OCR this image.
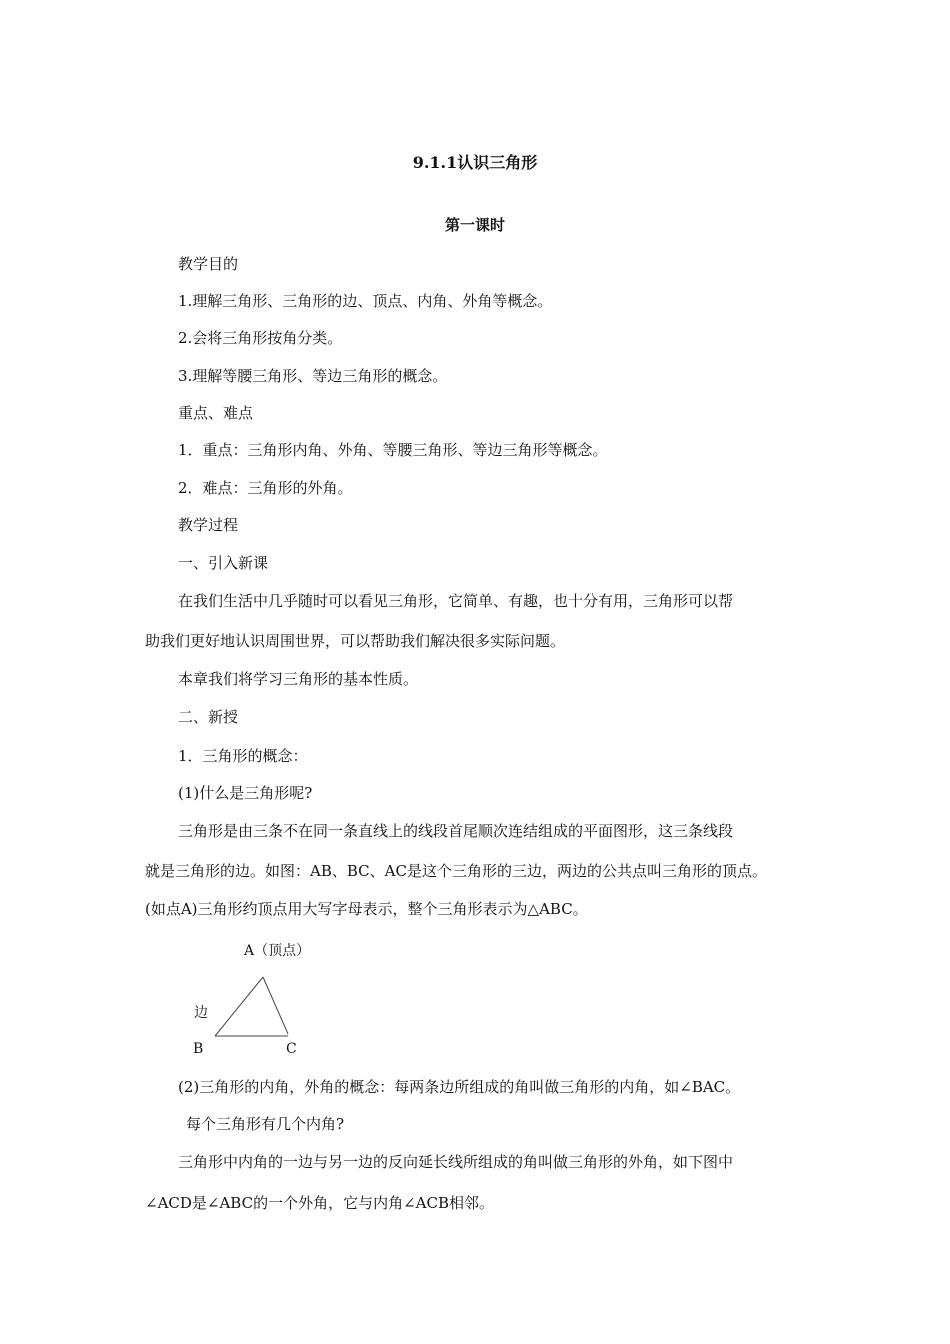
9.1.1认识三角形
第一课时
教学目的
1.理解三角形、三角形的边、顶点、内角、外角等概念。
2.会将三角形按角分类。
3.理解等腰三角形、等边三角形的概念。
重点、难点
1．重点：三角形内角、外角、等腰三角形、等边三角形等概念。
2．难点：三角形的外角。
教学过程
一、引入新课
在我们生活中几乎随时可以看见三角形，它简单、有趣，也十分有用，三角形可以帮
助我们更好地认识周围世界，可以帮助我们解决很多实际问题。
本章我们将学习三角形的基本性质。
二、新授
1．三角形的概念：
(1)什么是三角形呢?
三角形是由三条不在同一条直线上的线段首尾顺次连结组成的平面图形，这三条线段
就是三角形的边。如图：AB、BC、AC是这个三角形的三边，两边的公共点叫三角形的顶点。
(如点A)三角形约顶点用大写字母表示，整个三角形表示为△ABC。
A（顶点）
边
B	C
(2)三角形的内角，外角的概念：每两条边所组成的角叫做三角形的内角，如∠BAC。
每个三角形有几个内角?
三角形中内角的一边与另一边的反向延长线所组成的角叫做三角形的外角，如下图中
∠ACD是∠ABC的一个外角，它与内角∠ACB相邻。
